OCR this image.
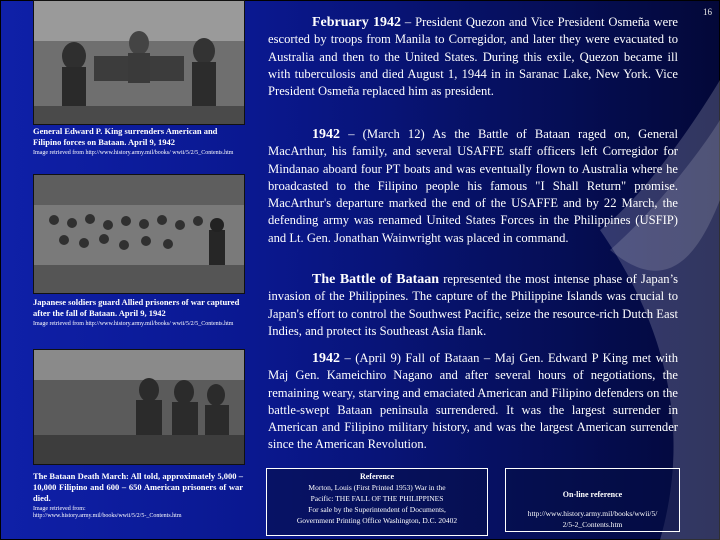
16
General Edward P. King surrenders American and Filipino forces on Bataan. April 9, 1942
Image retrieved from http://www.history.army.mil/books/ wwii/5/2/5_Contents.htm
Japanese soldiers guard Allied prisoners of war captured after the fall of Bataan. April 9, 1942
Image retrieved from http://www.history.army.mil/books/ wwii/5/2/5_Contents.htm
The Bataan Death March: All told, approximately 5,000 – 10,000 Filipino and 600 – 650 American prisoners of war died.
Image retrieved from:
http://www.history.army.mil/books/wwii/5/2/5-_Contents.htm
February 1942 – President Quezon and Vice President Osmeña were escorted by troops from Manila to Corregidor, and later they were evacuated to Australia and then to the United States. During this exile, Quezon became ill with tuberculosis and died August 1, 1944 in in Saranac Lake, New York. Vice President Osmeña replaced him as president.
1942 – (March 12) As the Battle of Bataan raged on, General MacArthur, his family, and several USAFFE staff officers left Corregidor for Mindanao aboard four PT boats and was eventually flown to Australia where he broadcasted to the Filipino people his famous "I Shall Return" promise. MacArthur's departure marked the end of the USAFFE and by 22 March, the defending army was renamed United States Forces in the Philippines (USFIP) and Lt. Gen. Jonathan Wainwright was placed in command.
The Battle of Bataan represented the most intense phase of Japan’s invasion of the Philippines. The capture of the Philippine Islands was crucial to Japan's effort to control the Southwest Pacific, seize the resource-rich Dutch East Indies, and protect its Southeast Asia flank.
1942 – (April 9) Fall of Bataan – Maj Gen. Edward P King met with Maj Gen. Kameichiro Nagano and after several hours of negotiations, the remaining weary, starving and emaciated American and Filipino defenders on the battle-swept Bataan peninsula surrendered. It was the largest surrender in American and Filipino military history, and was the largest American surrender since the American Revolution.
Reference
Morton, Louis (First Printed 1953) War in the
Pacific: THE FALL OF THE PHILIPPINES
For sale by the Superintendent of Documents,
Government Printing Office Washington, D.C. 20402
On-line reference
http://www.history.army.mil/books/wwii/5/
2/5-2_Contents.htm
